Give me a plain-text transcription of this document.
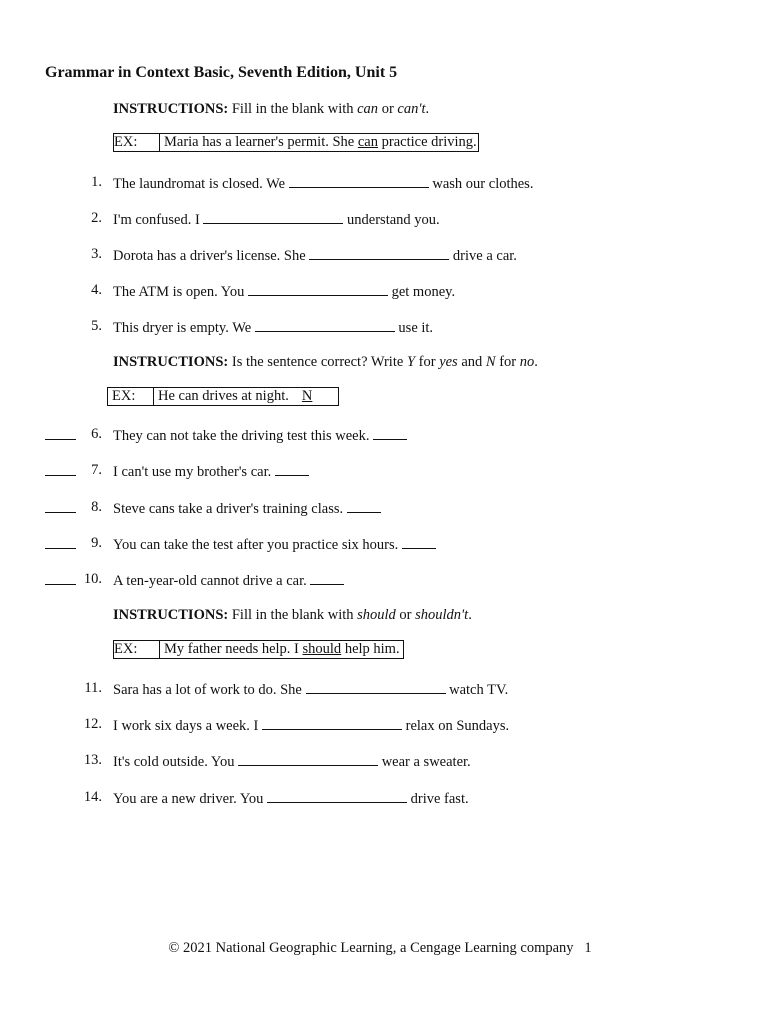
Grammar in Context Basic, Seventh Edition, Unit 5
INSTRUCTIONS: Fill in the blank with can or can't.
EX:	Maria has a learner's permit. She can practice driving.
1. The laundromat is closed. We	wash our clothes.
2. I'm confused. I	understand you.
3. Dorota has a driver's license. She	drive a car.
4. The ATM is open. You	get money.
5. This dryer is empty. We	use it.
INSTRUCTIONS: Is the sentence correct? Write Y for yes and N for no.
EX:	He can drives at night. N
6. They can not take the driving test this week.
7. I can't use my brother's car.
8. Steve cans take a driver's training class.
9. You can take the test after you practice six hours.
10. A ten-year-old cannot drive a car.
INSTRUCTIONS: Fill in the blank with should or shouldn't.
EX:	My father needs help. I should help him.
11. Sara has a lot of work to do. She	watch TV.
12. I work six days a week. I	relax on Sundays.
13. It's cold outside. You	wear a sweater.
14. You are a new driver. You	drive fast.
© 2021 National Geographic Learning, a Cengage Learning company 1
